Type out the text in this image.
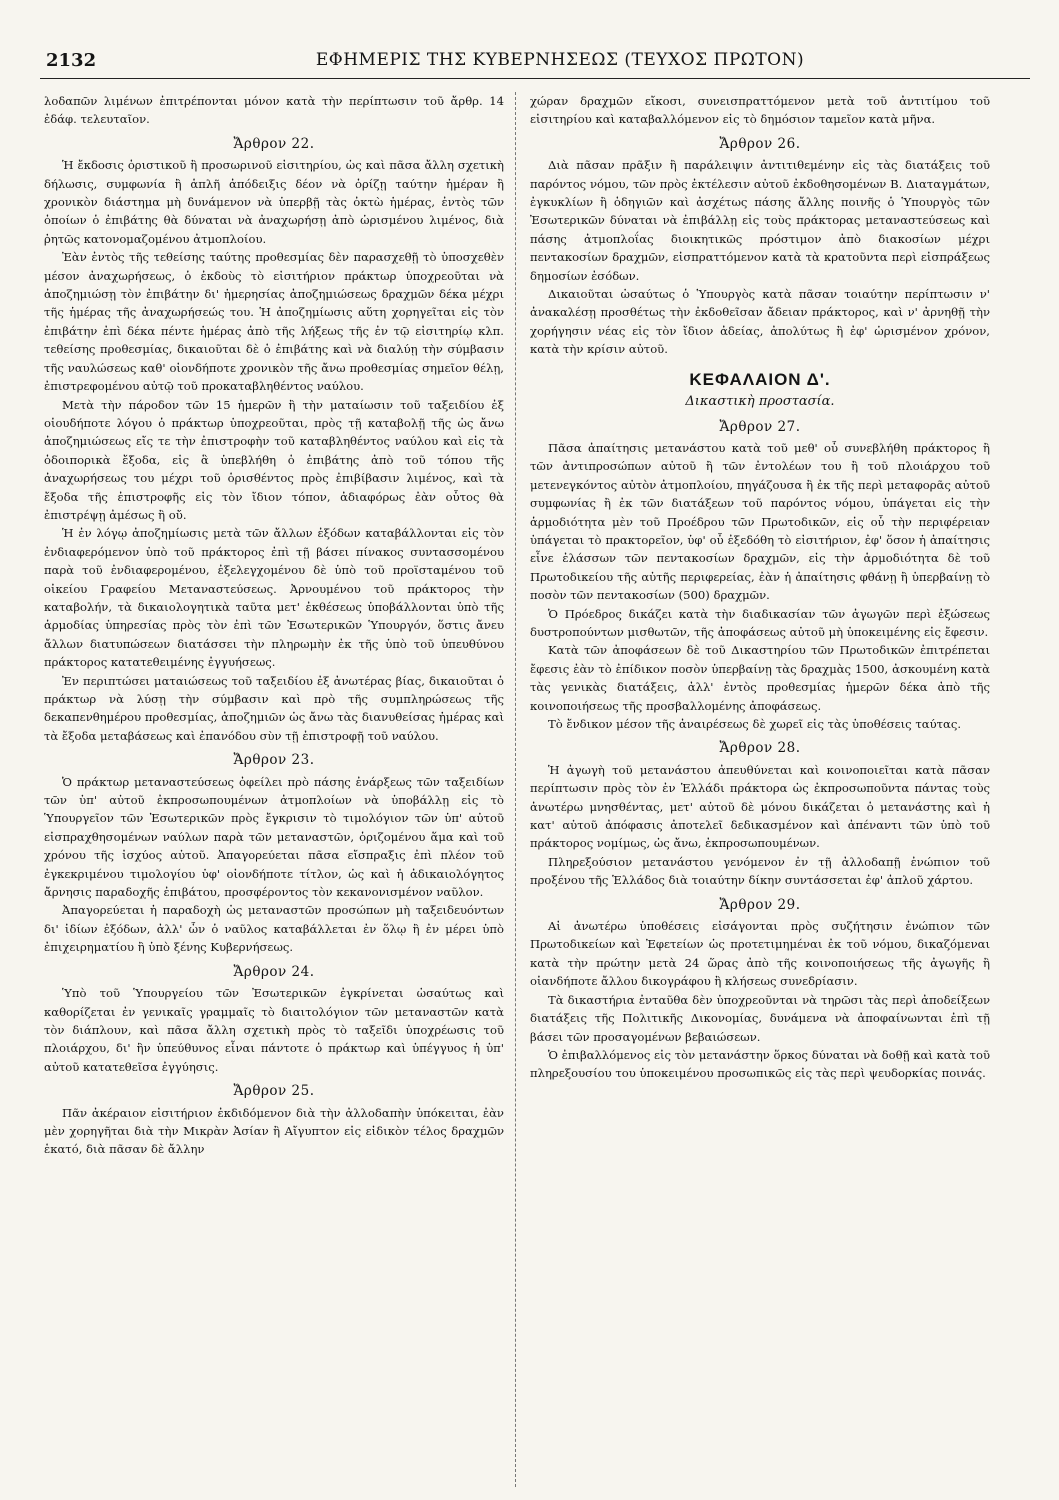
2132	ΕΦΗΜΕΡΙΣ ΤΗΣ ΚΥΒΕΡΝΗΣΕΩΣ (ΤΕΥΧΟΣ ΠΡΩΤΟΝ)

λοδαπῶν λιμένων ἐπιτρέπονται μόνον κατὰ τὴν περίπτωσιν τοῦ ἄρθρ. 14 ἐδάφ. τελευταῖον.

Ἄρθρον 22.

Ἡ ἔκδοσις ὁριστικοῦ ἢ προσωρινοῦ εἰσιτηρίου, ὡς καὶ πᾶσα ἄλλη σχετικὴ δήλωσις, συμφωνία ἢ ἁπλῆ ἀπόδειξις δέον νὰ ὁρίζῃ ταύτην ἡμέραν ἢ χρονικὸν διάστημα μὴ δυνάμενον νὰ ὑπερβῇ τὰς ὀκτὼ ἡμέρας, ἐντὸς τῶν ὁποίων ὁ ἐπιβάτης θὰ δύναται νὰ ἀναχωρήσῃ ἀπὸ ὡρισμένου λιμένος, διὰ ῥητῶς κατονομαζομένου ἀτμοπλοίου.

Ἐὰν ἐντὸς τῆς τεθείσης ταύτης προθεσμίας δὲν παρασχεθῇ τὸ ὑποσχεθὲν μέσον ἀναχωρήσεως, ὁ ἐκδοὺς τὸ εἰσιτήριον πράκτωρ ὑποχρεοῦται νὰ ἀποζημιώσῃ τὸν ἐπιβάτην δι' ἡμερησίας ἀποζημιώσεως δραχμῶν δέκα μέχρι τῆς ἡμέρας τῆς ἀναχωρήσεώς του. Ἡ ἀποζημίωσις αὕτη χορηγεῖται εἰς τὸν ἐπιβάτην ἐπὶ δέκα πέντε ἡμέρας ἀπὸ τῆς λήξεως τῆς ἐν τῷ εἰσιτηρίῳ κλπ. τεθείσης προθεσμίας, δικαιοῦται δὲ ὁ ἐπιβάτης καὶ νὰ διαλύῃ τὴν σύμβασιν τῆς ναυλώσεως καθ' οἱονδήποτε χρονικὸν τῆς ἄνω προθεσμίας σημεῖον θέλῃ, ἐπιστρεφομένου αὐτῷ τοῦ προκαταβληθέντος ναύλου.

Μετὰ τὴν πάροδον τῶν 15 ἡμερῶν ἢ τὴν ματαίωσιν τοῦ ταξειδίου ἐξ οἱουδήποτε λόγου ὁ πράκτωρ ὑποχρεοῦται, πρὸς τῇ καταβολῇ τῆς ὡς ἄνω ἀποζημιώσεως εἴς τε τὴν ἐπιστροφὴν τοῦ καταβληθέντος ναύλου καὶ εἰς τὰ ὁδοιπορικὰ ἔξοδα, εἰς ἃ ὑπεβλήθη ὁ ἐπιβάτης ἀπὸ τοῦ τόπου τῆς ἀναχωρήσεως του μέχρι τοῦ ὁρισθέντος πρὸς ἐπιβίβασιν λιμένος, καὶ τὰ ἔξοδα τῆς ἐπιστροφῆς εἰς τὸν ἴδιον τόπον, ἀδιαφόρως ἐὰν οὗτος θὰ ἐπιστρέψῃ ἀμέσως ἢ οὔ.

Ἡ ἐν λόγῳ ἀποζημίωσις μετὰ τῶν ἄλλων ἐξόδων καταβάλλονται εἰς τὸν ἐνδιαφερόμενον ὑπὸ τοῦ πράκτορος ἐπὶ τῇ βάσει πίνακος συντασσομένου παρὰ τοῦ ἐνδιαφερομένου, ἐξελεγχομένου δὲ ὑπὸ τοῦ προϊσταμένου τοῦ οἰκείου Γραφείου Μεταναστεύσεως. Ἀρνουμένου τοῦ πράκτορος τὴν καταβολήν, τὰ δικαιολογητικὰ ταῦτα μετ' ἐκθέσεως ὑποβάλλονται ὑπὸ τῆς ἁρμοδίας ὑπηρεσίας πρὸς τὸν ἐπὶ τῶν Ἐσωτερικῶν Ὑπουργόν, ὅστις ἄνευ ἄλλων διατυπώσεων διατάσσει τὴν πληρωμὴν ἐκ τῆς ὑπὸ τοῦ ὑπευθύνου πράκτορος κατατεθειμένης ἐγγυήσεως.

Ἐν περιπτώσει ματαιώσεως τοῦ ταξειδίου ἐξ ἀνωτέρας βίας, δικαιοῦται ὁ πράκτωρ νὰ λύσῃ τὴν σύμβασιν καὶ πρὸ τῆς συμπληρώσεως τῆς δεκαπενθημέρου προθεσμίας, ἀποζημιῶν ὡς ἄνω τὰς διανυθείσας ἡμέρας καὶ τὰ ἔξοδα μεταβάσεως καὶ ἐπανόδου σὺν τῇ ἐπιστροφῇ τοῦ ναύλου.

Ἄρθρον 23.

Ὁ πράκτωρ μεταναστεύσεως ὀφείλει πρὸ πάσης ἐνάρξεως τῶν ταξειδίων τῶν ὑπ' αὐτοῦ ἐκπροσωπουμένων ἀτμοπλοίων νὰ ὑποβάλλῃ εἰς τὸ Ὑπουργεῖον τῶν Ἐσωτερικῶν πρὸς ἔγκρισιν τὸ τιμολόγιον τῶν ὑπ' αὐτοῦ εἰσπραχθησομένων ναύλων παρὰ τῶν μεταναστῶν, ὁριζομένου ἅμα καὶ τοῦ χρόνου τῆς ἰσχύος αὐτοῦ. Ἀπαγορεύεται πᾶσα εἴσπραξις ἐπὶ πλέον τοῦ ἐγκεκριμένου τιμολογίου ὑφ' οἱονδήποτε τίτλον, ὡς καὶ ἡ ἀδικαιολόγητος ἄρνησις παραδοχῆς ἐπιβάτου, προσφέροντος τὸν κεκανονισμένον ναῦλον.

Ἀπαγορεύεται ἡ παραδοχὴ ὡς μεταναστῶν προσώπων μὴ ταξειδευόντων δι' ἰδίων ἐξόδων, ἀλλ' ὧν ὁ ναῦλος καταβάλλεται ἐν ὅλῳ ἢ ἐν μέρει ὑπὸ ἐπιχειρηματίου ἢ ὑπὸ ξένης Κυβερνήσεως.

Ἄρθρον 24.

Ὑπὸ τοῦ Ὑπουργείου τῶν Ἐσωτερικῶν ἐγκρίνεται ὡσαύτως καὶ καθορίζεται ἐν γενικαῖς γραμμαῖς τὸ διαιτολόγιον τῶν μεταναστῶν κατὰ τὸν διάπλουν, καὶ πᾶσα ἄλλη σχετικὴ πρὸς τὸ ταξεῖδι ὑποχρέωσις τοῦ πλοιάρχου, δι' ἣν ὑπεύθυνος εἶναι πάντοτε ὁ πράκτωρ καὶ ὑπέγγυος ἡ ὑπ' αὐτοῦ κατατεθεῖσα ἐγγύησις.

Ἄρθρον 25.

Πᾶν ἀκέραιον εἰσιτήριον ἐκδιδόμενον διὰ τὴν ἀλλοδαπὴν ὑπόκειται, ἐὰν μὲν χορηγῆται διὰ τὴν Μικρὰν Ἀσίαν ἢ Αἴγυπτον εἰς εἰδικὸν τέλος δραχμῶν ἑκατό, διὰ πᾶσαν δὲ ἄλλην

χώραν δραχμῶν εἴκοσι, συνεισπραττόμενον μετὰ τοῦ ἀντιτίμου τοῦ εἰσιτηρίου καὶ καταβαλλόμενον εἰς τὸ δημόσιον ταμεῖον κατὰ μῆνα.

Ἄρθρον 26.

Διὰ πᾶσαν πρᾶξιν ἢ παράλειψιν ἀντιτιθεμένην εἰς τὰς διατάξεις τοῦ παρόντος νόμου, τῶν πρὸς ἐκτέλεσιν αὐτοῦ ἐκδοθησομένων Β. Διαταγμάτων, ἐγκυκλίων ἢ ὁδηγιῶν καὶ ἀσχέτως πάσης ἄλλης ποινῆς ὁ Ὑπουργὸς τῶν Ἐσωτερικῶν δύναται νὰ ἐπιβάλλῃ εἰς τοὺς πράκτορας μεταναστεύσεως καὶ πάσης ἀτμοπλοΐας διοικητικῶς πρόστιμον ἀπὸ διακοσίων μέχρι πεντακοσίων δραχμῶν, εἰσπραττόμενον κατὰ τὰ κρατοῦντα περὶ εἰσπράξεως δημοσίων ἐσόδων.

Δικαιοῦται ὡσαύτως ὁ Ὑπουργὸς κατὰ πᾶσαν τοιαύτην περίπτωσιν ν' ἀνακαλέσῃ προσθέτως τὴν ἐκδοθεῖσαν ἄδειαν πράκτορος, καὶ ν' ἀρνηθῇ τὴν χορήγησιν νέας εἰς τὸν ἴδιον ἀδείας, ἀπολύτως ἢ ἐφ' ὡρισμένον χρόνον, κατὰ τὴν κρίσιν αὐτοῦ.

ΚΕΦΑΛΑΙΟΝ Δ'.
Δικαστικὴ προστασία.
Ἄρθρον 27.

Πᾶσα ἀπαίτησις μετανάστου κατὰ τοῦ μεθ' οὗ συνεβλήθη πράκτορος ἢ τῶν ἀντιπροσώπων αὐτοῦ ἢ τῶν ἐντολέων του ἢ τοῦ πλοιάρχου τοῦ μετενεγκόντος αὐτὸν ἀτμοπλοίου, πηγάζουσα ἢ ἐκ τῆς περὶ μεταφορᾶς αὐτοῦ συμφωνίας ἢ ἐκ τῶν διατάξεων τοῦ παρόντος νόμου, ὑπάγεται εἰς τὴν ἁρμοδιότητα μὲν τοῦ Προέδρου τῶν Πρωτοδικῶν, εἰς οὗ τὴν περιφέρειαν ὑπάγεται τὸ πρακτορεῖον, ὑφ' οὗ ἐξεδόθη τὸ εἰσιτήριον, ἐφ' ὅσον ἡ ἀπαίτησις εἶνε ἐλάσσων τῶν πεντακοσίων δραχμῶν, εἰς τὴν ἁρμοδιότητα δὲ τοῦ Πρωτοδικείου τῆς αὐτῆς περιφερείας, ἐὰν ἡ ἀπαίτησις φθάνῃ ἢ ὑπερβαίνῃ τὸ ποσὸν τῶν πεντακοσίων (500) δραχμῶν.

Ὁ Πρόεδρος δικάζει κατὰ τὴν διαδικασίαν τῶν ἀγωγῶν περὶ ἐξώσεως δυστροπούντων μισθωτῶν, τῆς ἀποφάσεως αὐτοῦ μὴ ὑποκειμένης εἰς ἔφεσιν.

Κατὰ τῶν ἀποφάσεων δὲ τοῦ Δικαστηρίου τῶν Πρωτοδικῶν ἐπιτρέπεται ἔφεσις ἐὰν τὸ ἐπίδικον ποσὸν ὑπερβαίνῃ τὰς δραχμὰς 1500, ἀσκουμένη κατὰ τὰς γενικὰς διατάξεις, ἀλλ' ἐντὸς προθεσμίας ἡμερῶν δέκα ἀπὸ τῆς κοινοποιήσεως τῆς προσβαλλομένης ἀποφάσεως.

Τὸ ἔνδικον μέσον τῆς ἀναιρέσεως δὲ χωρεῖ εἰς τὰς ὑποθέσεις ταύτας.

Ἄρθρον 28.

Ἡ ἀγωγὴ τοῦ μετανάστου ἀπευθύνεται καὶ κοινοποιεῖται κατὰ πᾶσαν περίπτωσιν πρὸς τὸν ἐν Ἑλλάδι πράκτορα ὡς ἐκπροσωποῦντα πάντας τοὺς ἀνωτέρω μνησθέντας, μετ' αὐτοῦ δὲ μόνου δικάζεται ὁ μετανάστης καὶ ἡ κατ' αὐτοῦ ἀπόφασις ἀποτελεῖ δεδικασμένον καὶ ἀπέναντι τῶν ὑπὸ τοῦ πράκτορος νομίμως, ὡς ἄνω, ἐκπροσωπουμένων.

Πληρεξούσιον μετανάστου γενόμενον ἐν τῇ ἀλλοδαπῇ ἐνώπιον τοῦ προξένου τῆς Ἑλλάδος διὰ τοιαύτην δίκην συντάσσεται ἐφ' ἁπλοῦ χάρτου.

Ἄρθρον 29.

Αἱ ἀνωτέρω ὑποθέσεις εἰσάγονται πρὸς συζήτησιν ἐνώπιον τῶν Πρωτοδικείων καὶ Ἐφετείων ὡς προτετιμημέναι ἐκ τοῦ νόμου, δικαζόμεναι κατὰ τὴν πρώτην μετὰ 24 ὥρας ἀπὸ τῆς κοινοποιήσεως τῆς ἀγωγῆς ἢ οἱανδήποτε ἄλλου δικογράφου ἢ κλήσεως συνεδρίασιν.

Τὰ δικαστήρια ἐνταῦθα δὲν ὑποχρεοῦνται νὰ τηρῶσι τὰς περὶ ἀποδείξεων διατάξεις τῆς Πολιτικῆς Δικονομίας, δυνάμενα νὰ ἀποφαίνωνται ἐπὶ τῇ βάσει τῶν προσαγομένων βεβαιώσεων.

Ὁ ἐπιβαλλόμενος εἰς τὸν μετανάστην ὅρκος δύναται νὰ δοθῇ καὶ κατὰ τοῦ πληρεξουσίου του ὑποκειμένου προσωπικῶς εἰς τὰς περὶ ψευδορκίας ποινάς.
